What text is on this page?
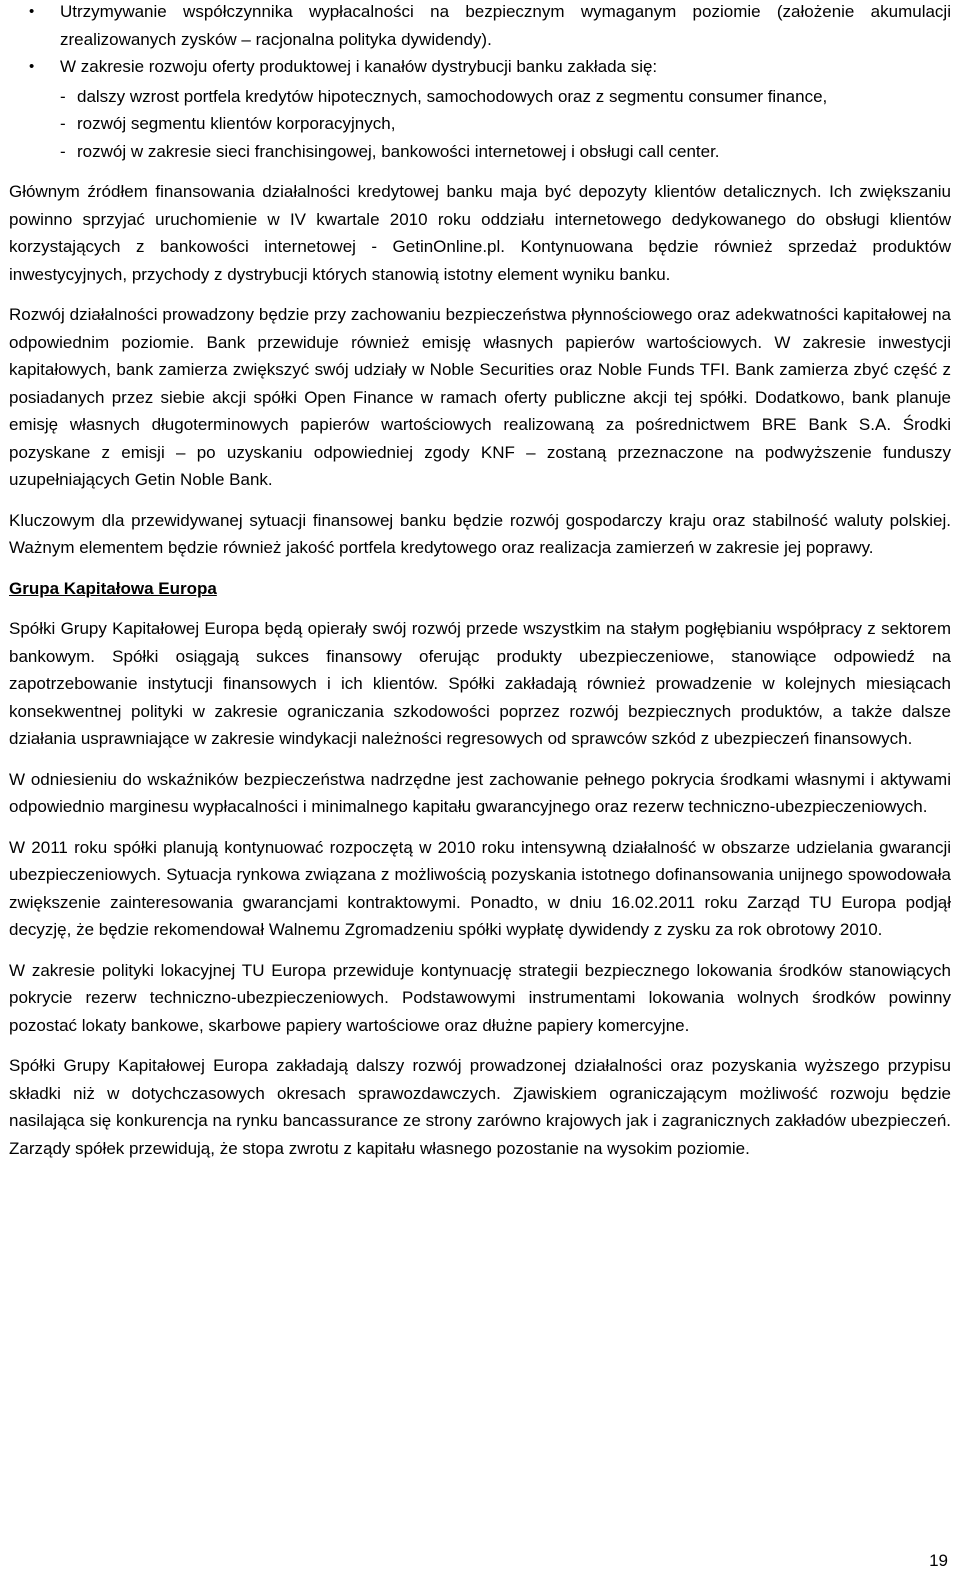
• Utrzymywanie współczynnika wypłacalności na bezpiecznym wymaganym poziomie (założenie akumulacji zrealizowanych zysków – racjonalna polityka dywidendy).
• W zakresie rozwoju oferty produktowej i kanałów dystrybucji banku zakłada się:
- dalszy wzrost portfela kredytów hipotecznych, samochodowych oraz z segmentu consumer finance,
- rozwój segmentu klientów korporacyjnych,
- rozwój w zakresie sieci franchisingowej, bankowości internetowej i obsługi call center.

Głównym źródłem finansowania działalności kredytowej banku maja być depozyty klientów detalicznych. Ich zwiększaniu powinno sprzyjać uruchomienie w IV kwartale 2010 roku oddziału internetowego dedykowanego do obsługi klientów korzystających z bankowości internetowej - GetinOnline.pl. Kontynuowana będzie również sprzedaż produktów inwestycyjnych, przychody z dystrybucji których stanowią istotny element wyniku banku.

Rozwój działalności prowadzony będzie przy zachowaniu bezpieczeństwa płynnościowego oraz adekwatności kapitałowej na odpowiednim poziomie. Bank przewiduje również emisję własnych papierów wartościowych. W zakresie inwestycji kapitałowych, bank zamierza zwiększyć swój udziały w Noble Securities oraz Noble Funds TFI. Bank zamierza zbyć część z posiadanych przez siebie akcji spółki Open Finance w ramach oferty publiczne akcji tej spółki. Dodatkowo, bank planuje emisję własnych długoterminowych papierów wartościowych realizowaną za pośrednictwem BRE Bank S.A. Środki pozyskane z emisji – po uzyskaniu odpowiedniej zgody KNF – zostaną przeznaczone na podwyższenie funduszy uzupełniających Getin Noble Bank.

Kluczowym dla przewidywanej sytuacji finansowej banku będzie rozwój gospodarczy kraju oraz stabilność waluty polskiej. Ważnym elementem będzie również jakość portfela kredytowego oraz realizacja zamierzeń w zakresie jej poprawy.

Grupa Kapitałowa Europa

Spółki Grupy Kapitałowej Europa będą opierały swój rozwój przede wszystkim na stałym pogłębianiu współpracy z sektorem bankowym. Spółki osiągają sukces finansowy oferując produkty ubezpieczeniowe, stanowiące odpowiedź na zapotrzebowanie instytucji finansowych i ich klientów. Spółki zakładają również prowadzenie w kolejnych miesiącach konsekwentnej polityki w zakresie ograniczania szkodowości poprzez rozwój bezpiecznych produktów, a także dalsze działania usprawniające w zakresie windykacji należności regresowych od sprawców szkód z ubezpieczeń finansowych.

W odniesieniu do wskaźników bezpieczeństwa nadrzędne jest zachowanie pełnego pokrycia środkami własnymi i aktywami odpowiednio marginesu wypłacalności i minimalnego kapitału gwarancyjnego oraz rezerw techniczno-ubezpieczeniowych.

W 2011 roku spółki planują kontynuować rozpoczętą w 2010 roku intensywną działalność w obszarze udzielania gwarancji ubezpieczeniowych. Sytuacja rynkowa związana z możliwością pozyskania istotnego dofinansowania unijnego spowodowała zwiększenie zainteresowania gwarancjami kontraktowymi. Ponadto, w dniu 16.02.2011 roku Zarząd TU Europa podjął decyzję, że będzie rekomendował Walnemu Zgromadzeniu spółki wypłatę dywidendy z zysku za rok obrotowy 2010.

W zakresie polityki lokacyjnej TU Europa przewiduje kontynuację strategii bezpiecznego lokowania środków stanowiących pokrycie rezerw techniczno-ubezpieczeniowych. Podstawowymi instrumentami lokowania wolnych środków powinny pozostać lokaty bankowe, skarbowe papiery wartościowe oraz dłużne papiery komercyjne.

Spółki Grupy Kapitałowej Europa zakładają dalszy rozwój prowadzonej działalności oraz pozyskania wyższego przypisu składki niż w dotychczasowych okresach sprawozdawczych. Zjawiskiem ograniczającym możliwość rozwoju będzie nasilająca się konkurencja na rynku bancassurance ze strony zarówno krajowych jak i zagranicznych zakładów ubezpieczeń. Zarządy spółek przewidują, że stopa zwrotu z kapitału własnego pozostanie na wysokim poziomie.

19
